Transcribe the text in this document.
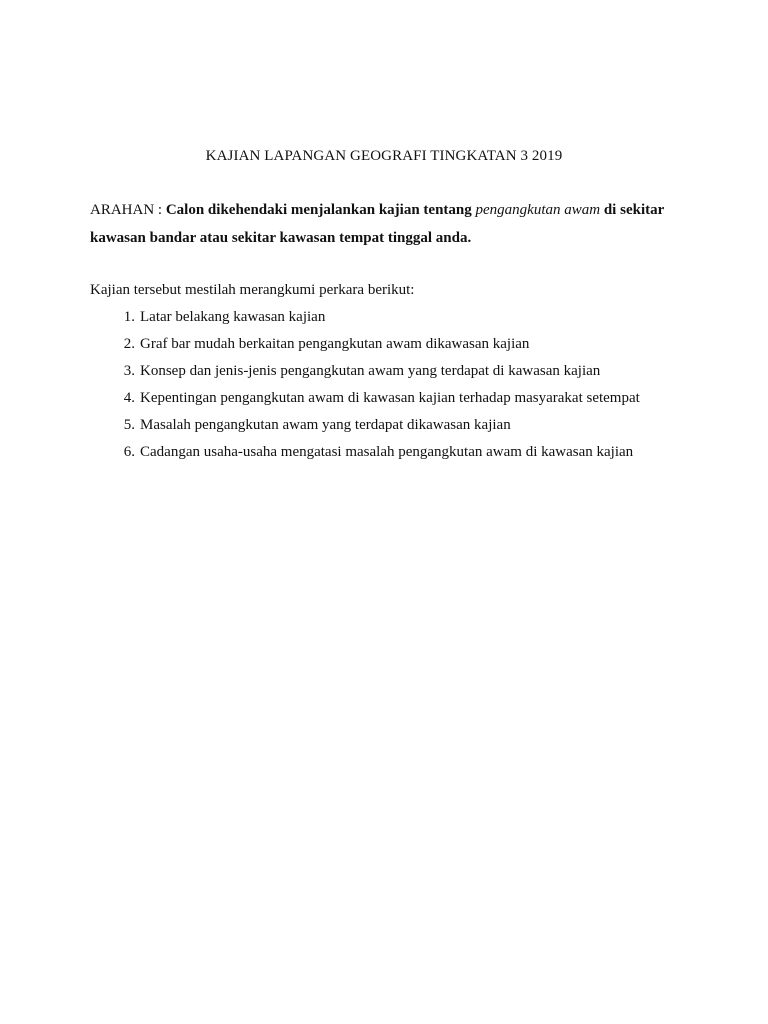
KAJIAN LAPANGAN GEOGRAFI TINGKATAN 3 2019
ARAHAN : Calon dikehendaki menjalankan kajian tentang pengangkutan awam di sekitar
kawasan bandar atau sekitar kawasan tempat tinggal anda.
Kajian tersebut mestilah merangkumi perkara berikut:
1. Latar belakang kawasan kajian
2. Graf bar mudah berkaitan pengangkutan awam dikawasan kajian
3. Konsep dan jenis-jenis pengangkutan awam yang terdapat di kawasan kajian
4. Kepentingan pengangkutan awam di kawasan kajian terhadap masyarakat setempat
5. Masalah pengangkutan awam yang terdapat dikawasan kajian
6. Cadangan usaha-usaha mengatasi masalah pengangkutan awam di kawasan kajian
